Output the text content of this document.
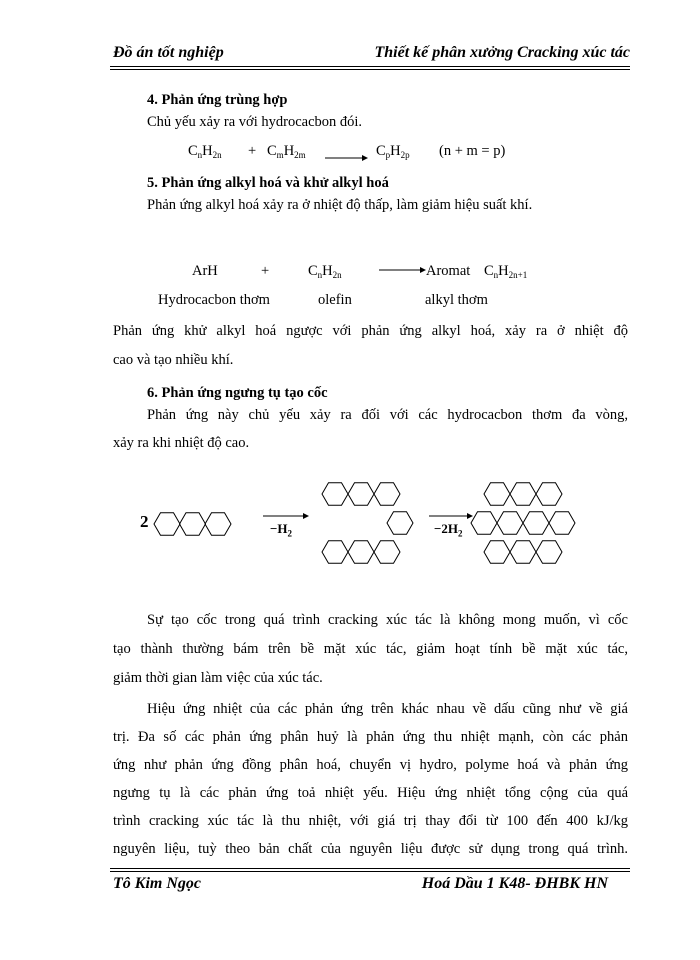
Đồ án tốt nghiệp	Thiết kế phân xưởng Cracking xúc tác
4. Phản ứng trùng hợp
Chủ yếu xảy ra với hydrocacbon đói.
$C_nH_{2n} + C_mH_{2m}$	$C_pH_{2p}$ (n + m = p)
5. Phản ứng alkyl hoá và khử alkyl hoá
Phản ứng alkyl hoá xảy ra ở nhiệt độ thấp, làm giảm hiệu suất khí.
ArH	+	$C_nH_{2n}$	Aromat $C_nH_{2n+1}$
Hydrocacbon thơm	olefin	alkyl thơm
Phản ứng khử alkyl hoá ngược với phản ứng alkyl hoá, xảy ra ở nhiệt độ
cao và tạo nhiều khí.
6. Phản ứng ngưng tụ tạo cốc
Phản ứng này chủ yếu xảy ra đối với các hydrocacbon thơm đa vòng,
xảy ra khi nhiệt độ cao.
2	$-H_2$	$-2H_2$
Sự tạo cốc trong quá trình cracking xúc tác là không mong muốn, vì cốc
tạo thành thường bám trên bề mặt xúc tác, giảm hoạt tính bề mặt xúc tác,
giảm thời gian làm việc của xúc tác.
Hiệu ứng nhiệt của các phản ứng trên khác nhau về dấu cũng như về giá
trị. Đa số các phản ứng phân huỷ là phản ứng thu nhiệt mạnh, còn các phản
ứng như phản ứng đồng phân hoá, chuyển vị hydro, polyme hoá và phản ứng
ngưng tụ là các phản ứng toả nhiệt yếu. Hiệu ứng nhiệt tổng cộng của quá
trình cracking xúc tác là thu nhiệt, với giá trị thay đổi từ 100 đến 400 kJ/kg
nguyên liệu, tuỳ theo bản chất của nguyên liệu được sử dụng trong quá trình.
Tô Kim Ngọc	Hoá Dầu 1 K48- ĐHBK HN
